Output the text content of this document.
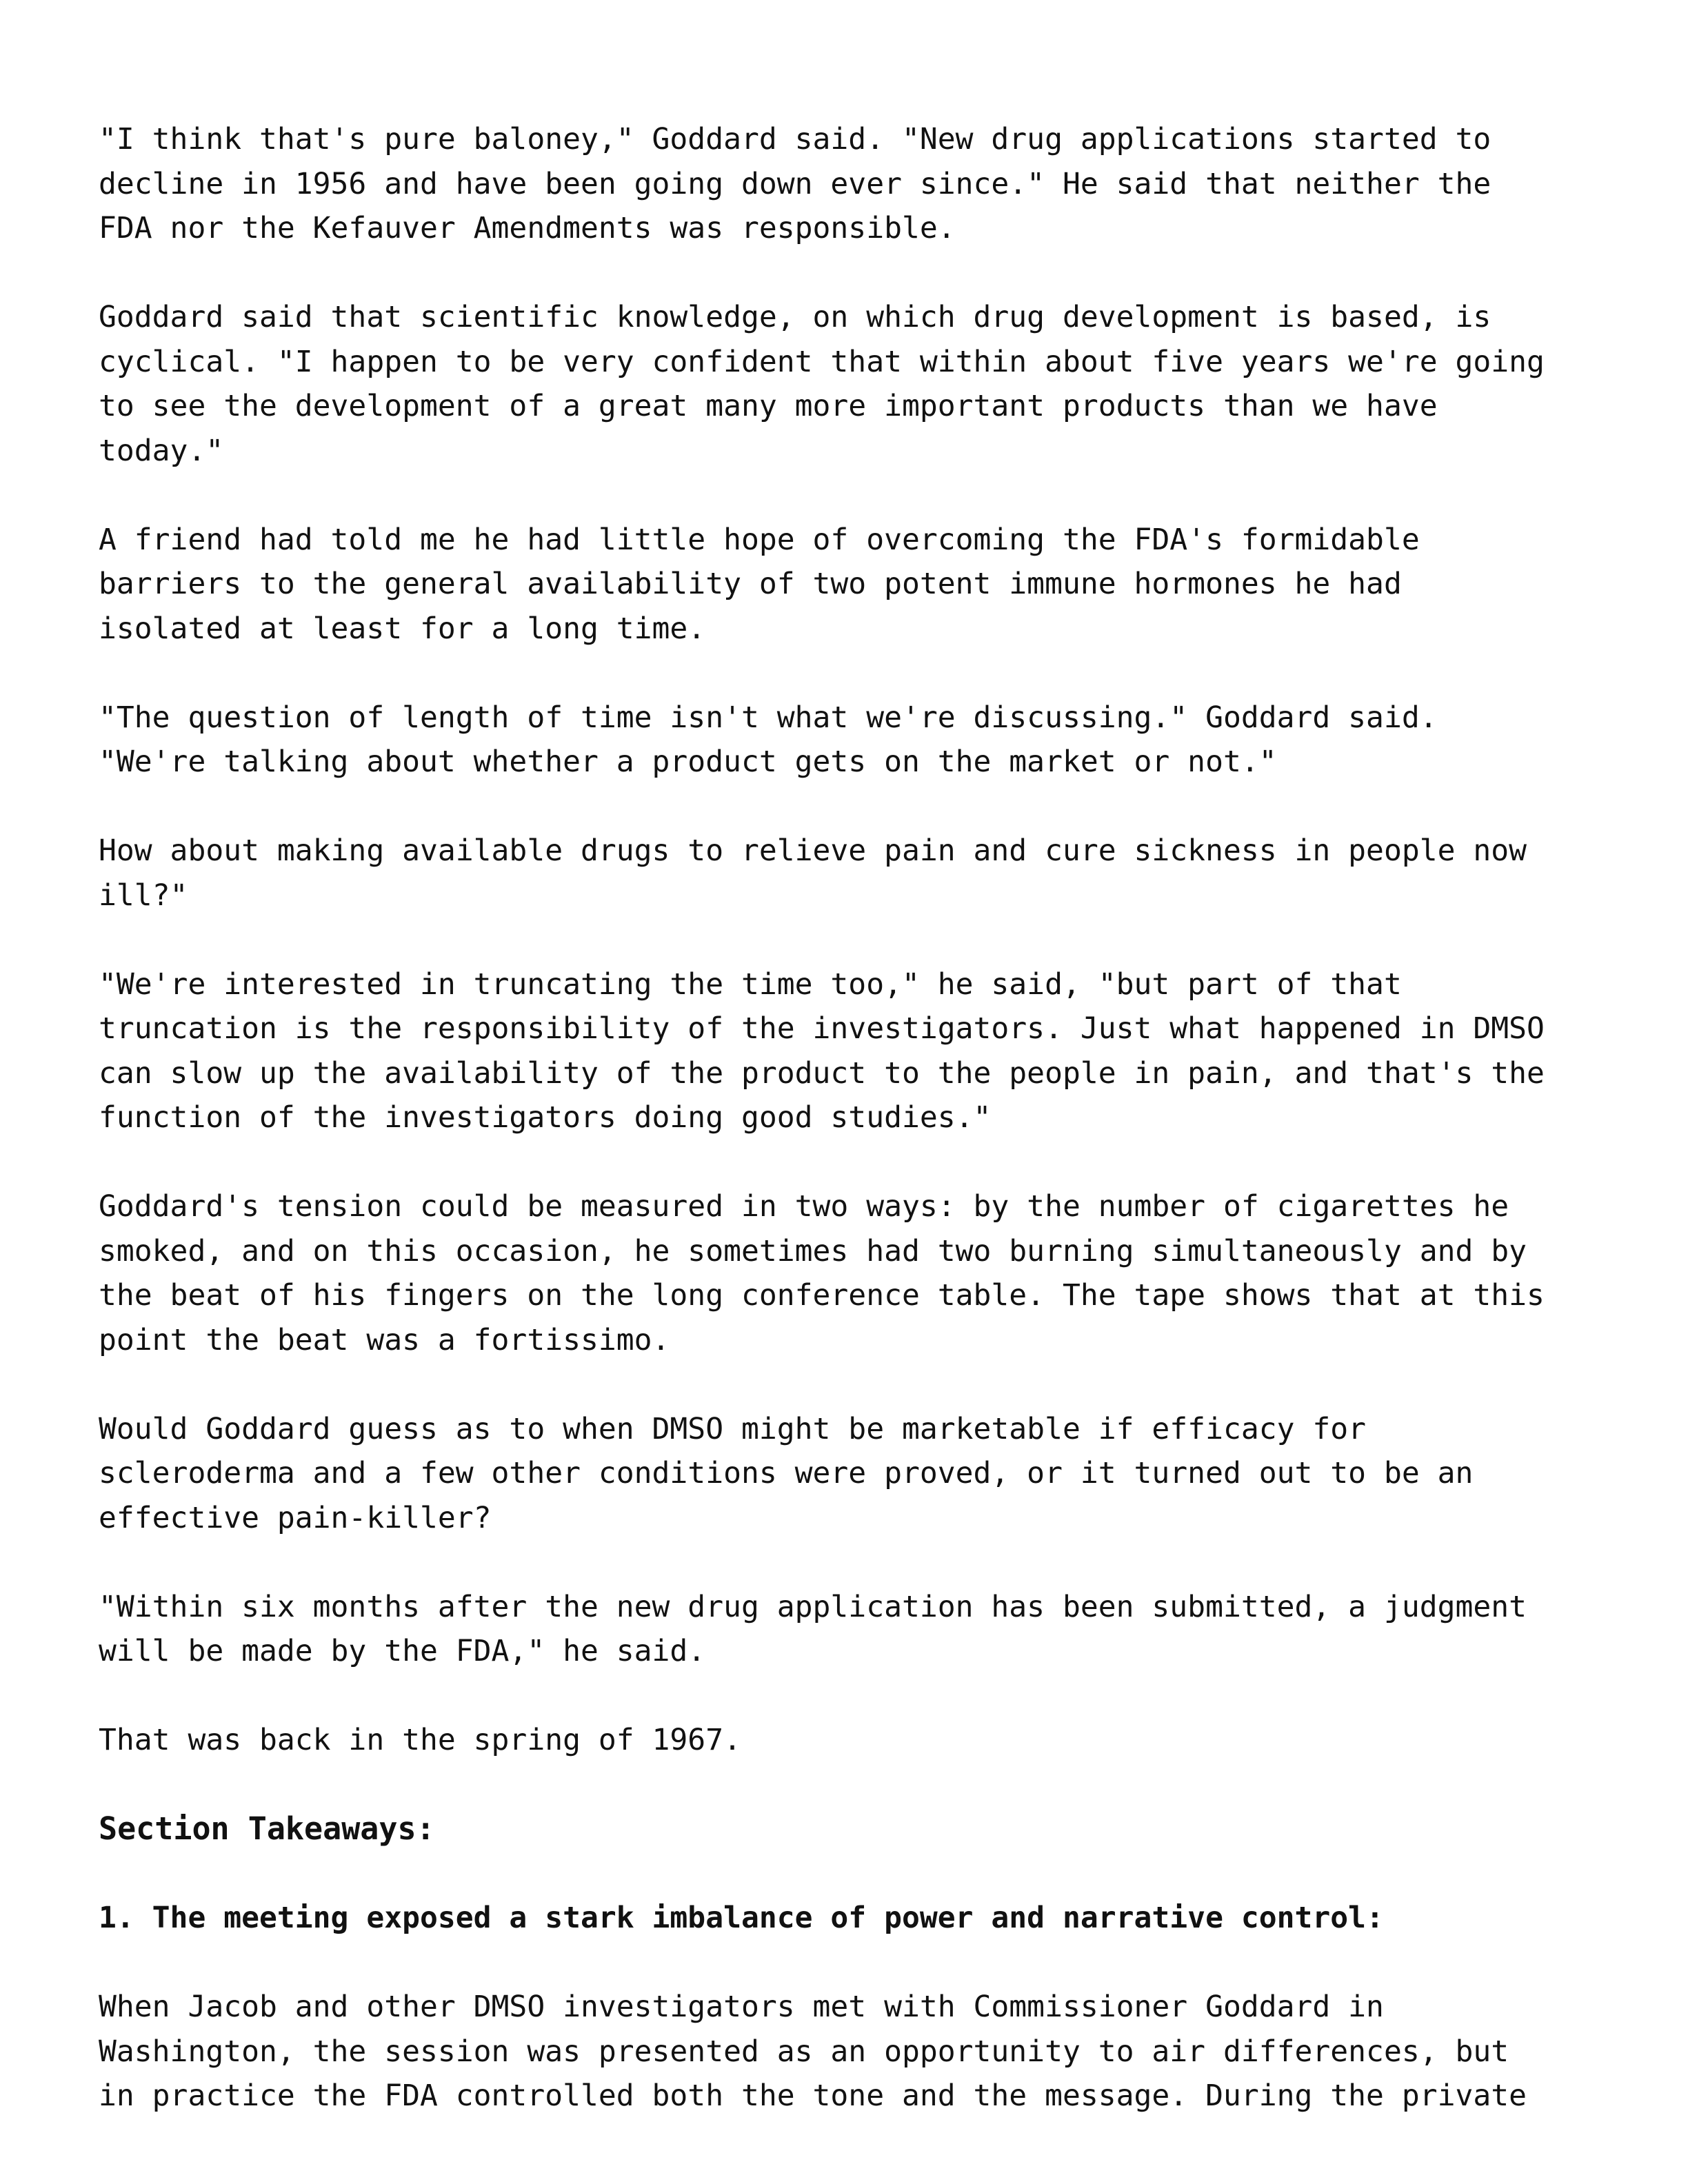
"I think that's pure baloney," Goddard said. "New drug applications started to
decline in 1956 and have been going down ever since." He said that neither the
FDA nor the Kefauver Amendments was responsible.

Goddard said that scientific knowledge, on which drug development is based, is
cyclical. "I happen to be very confident that within about five years we're going
to see the development of a great many more important products than we have
today."

A friend had told me he had little hope of overcoming the FDA's formidable
barriers to the general availability of two potent immune hormones he had
isolated at least for a long time.

"The question of length of time isn't what we're discussing." Goddard said.
"We're talking about whether a product gets on the market or not."

How about making available drugs to relieve pain and cure sickness in people now
ill?"

"We're interested in truncating the time too," he said, "but part of that
truncation is the responsibility of the investigators. Just what happened in DMSO
can slow up the availability of the product to the people in pain, and that's the
function of the investigators doing good studies."

Goddard's tension could be measured in two ways: by the number of cigarettes he
smoked, and on this occasion, he sometimes had two burning simultaneously and by
the beat of his fingers on the long conference table. The tape shows that at this
point the beat was a fortissimo.

Would Goddard guess as to when DMSO might be marketable if efficacy for
scleroderma and a few other conditions were proved, or it turned out to be an
effective pain-killer?

"Within six months after the new drug application has been submitted, a judgment
will be made by the FDA," he said.

That was back in the spring of 1967.

Section Takeaways:
1. The meeting exposed a stark imbalance of power and narrative control:

When Jacob and other DMSO investigators met with Commissioner Goddard in
Washington, the session was presented as an opportunity to air differences, but
in practice the FDA controlled both the tone and the message. During the private
